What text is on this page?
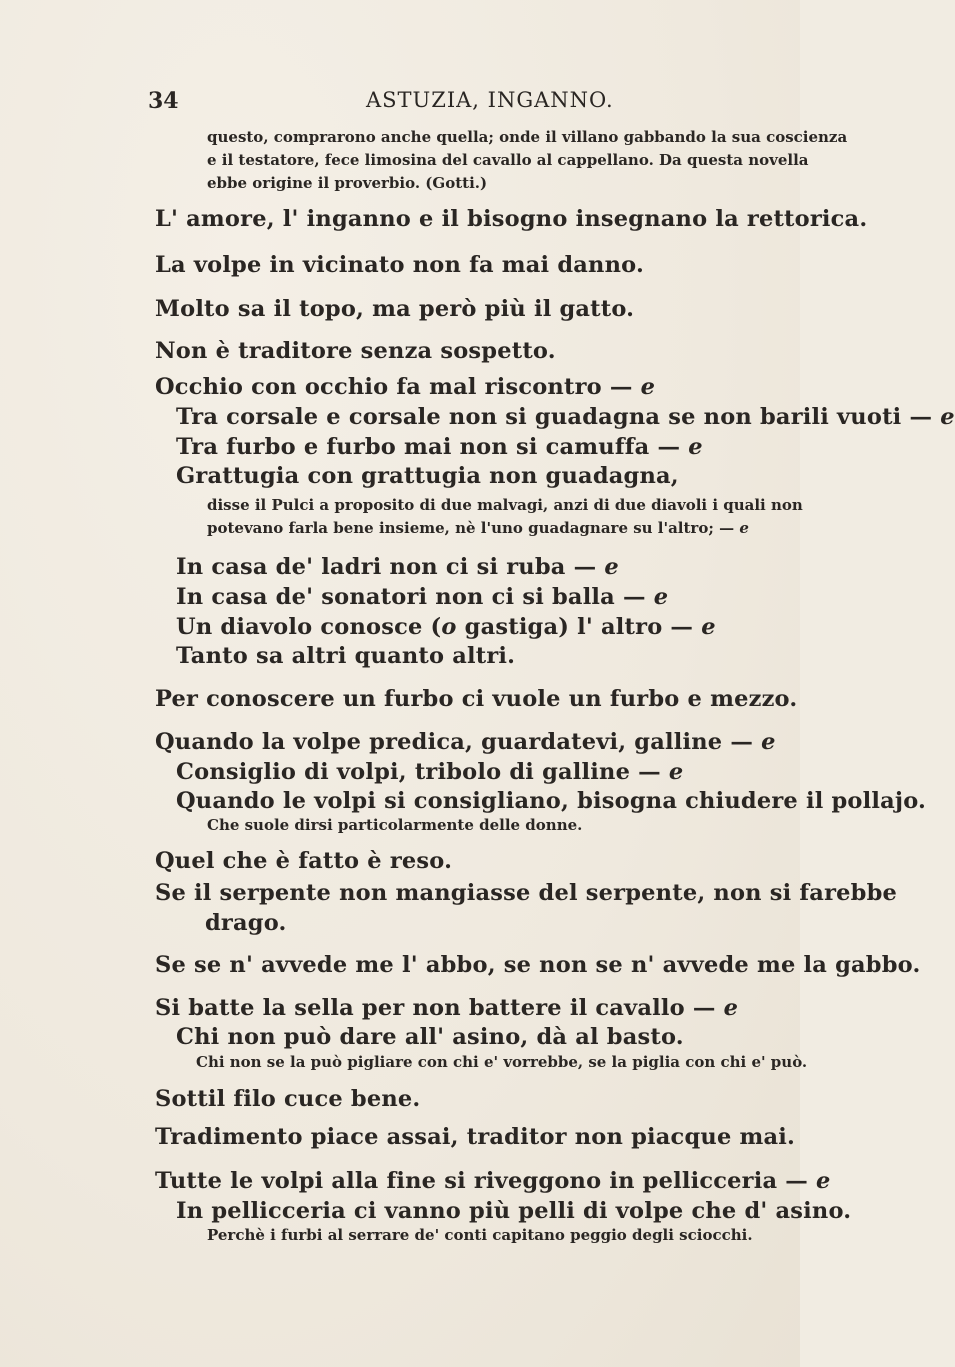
34	ASTUZIA, INGANNO.
questo, comprarono anche quella; onde il villano gabbando la sua coscienza
e il testatore, fece limosina del cavallo al cappellano. Da questa novella
ebbe origine il proverbio. (Gotti.)
L' amore, l' inganno e il bisogno insegnano la rettorica.
La volpe in vicinato non fa mai danno.
Molto sa il topo, ma però più il gatto.
Non è traditore senza sospetto.
Occhio con occhio fa mal riscontro — e
Tra corsale e corsale non si guadagna se non barili vuoti — e
Tra furbo e furbo mai non si camuffa — e
Grattugia con grattugia non guadagna,
disse il Pulci a proposito di due malvagi, anzi di due diavoli i quali non
potevano farla bene insieme, nè l'uno guadagnare su l'altro; — e
In casa de' ladri non ci si ruba — e
In casa de' sonatori non ci si balla — e
Un diavolo conosce (o gastiga) l' altro — e
Tanto sa altri quanto altri.
Per conoscere un furbo ci vuole un furbo e mezzo.
Quando la volpe predica, guardatevi, galline — e
Consiglio di volpi, tribolo di galline — e
Quando le volpi si consigliano, bisogna chiudere il pollajo.
Che suole dirsi particolarmente delle donne.
Quel che è fatto è reso.
Se il serpente non mangiasse del serpente, non si farebbe
drago.
Se se n' avvede me l' abbo, se non se n' avvede me la gabbo.
Si batte la sella per non battere il cavallo — e
Chi non può dare all' asino, dà al basto.
Chi non se la può pigliare con chi e' vorrebbe, se la piglia con chi e' può.
Sottil filo cuce bene.
Tradimento piace assai, traditor non piacque mai.
Tutte le volpi alla fine si riveggono in pellicceria — e
In pellicceria ci vanno più pelli di volpe che d' asino.
Perchè i furbi al serrare de' conti capitano peggio degli sciocchi.
